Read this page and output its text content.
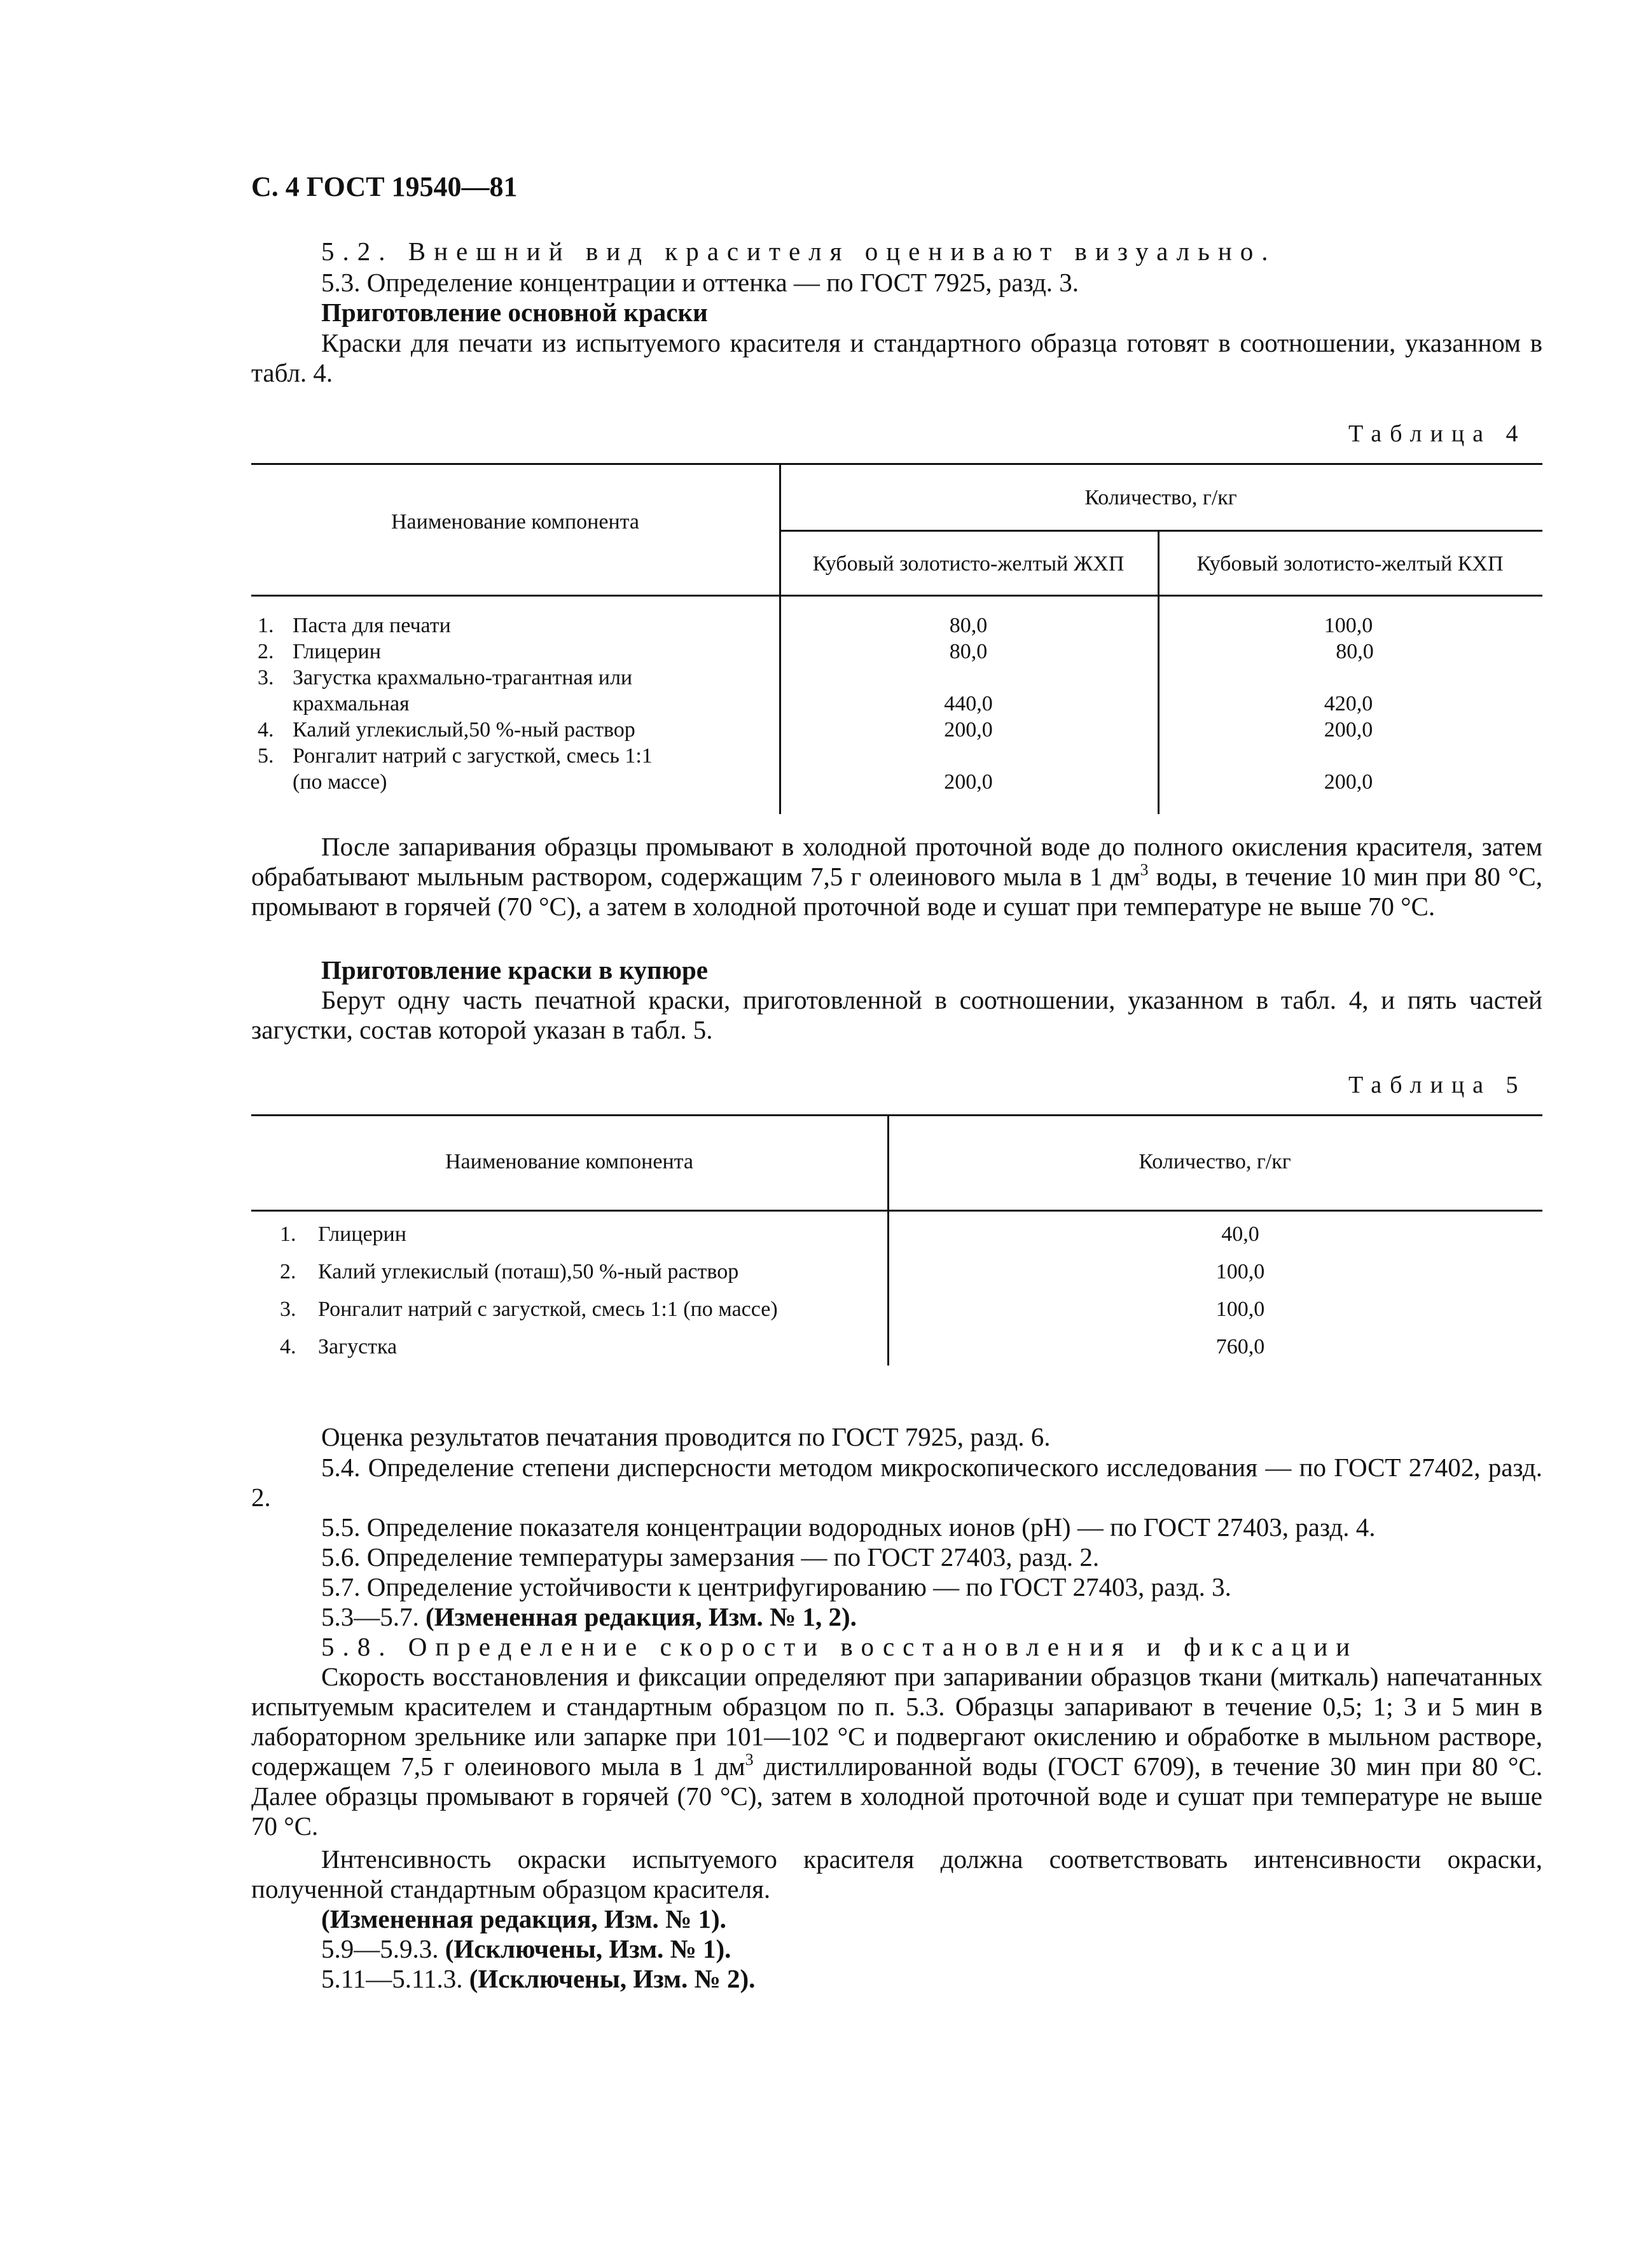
С. 4 ГОСТ 19540—81

5.2. Внешний вид красителя оценивают визуально.

5.3. Определение концентрации и оттенка — по ГОСТ 7925, разд. 3.

Приготовление основной краски

Краски для печати из испытуемого красителя и стандартного образца готовят в соотношении, указанном в табл. 4.

Таблица 4
Наименование компонента
Количество, г/кг
Кубовый золотисто-желтый ЖХП	Кубовый золотисто-желтый КХП
1. Паста для печати	80,0	100,0
2. Глицерин	80,0	80,0
3. Загустка крахмально-трагантная или
крахмальная	440,0	420,0
4. Калий углекислый,50 %-ный раствор	200,0	200,0
5. Ронгалит натрий с загусткой, смесь 1:1
(по массе)	200,0	200,0

После запаривания образцы промывают в холодной проточной воде до полного окисления красителя, затем обрабатывают мыльным раствором, содержащим 7,5 г олеинового мыла в 1 $дм^3$ воды, в течение 10 мин при 80 °С, промывают в горячей (70 °С), а затем в холодной проточной воде и сушат при температуре не выше 70 °С.

Приготовление краски в купюре

Берут одну часть печатной краски, приготовленной в соотношении, указанном в табл. 4, и пять частей загустки, состав которой указан в табл. 5.

Таблица 5
Наименование компонента	Количество, г/кг
1. Глицерин	40,0
2. Калий углекислый (поташ),50 %-ный раствор	100,0
3. Ронгалит натрий с загусткой, смесь 1:1 (по массе)	100,0
4. Загустка	760,0

Оценка результатов печатания проводится по ГОСТ 7925, разд. 6.

5.4. Определение степени дисперсности методом микроскопического исследования — по ГОСТ 27402, разд. 2.

5.5. Определение показателя концентрации водородных ионов (pH) — по ГОСТ 27403, разд. 4.

5.6. Определение температуры замерзания — по ГОСТ 27403, разд. 2.

5.7. Определение устойчивости к центрифугированию — по ГОСТ 27403, разд. 3.

5.3—5.7. (Измененная редакция, Изм. № 1, 2).

5.8. Определение скорости восстановления и фиксации

Скорость восстановления и фиксации определяют при запаривании образцов ткани (миткаль) напечатанных испытуемым красителем и стандартным образцом по п. 5.3. Образцы запаривают в течение 0,5; 1; 3 и 5 мин в лабораторном зрельнике или запарке при 101—102 °С и подвергают окислению и обработке в мыльном растворе, содержащем 7,5 г олеинового мыла в 1 $дм^3$ дистиллированной воды (ГОСТ 6709), в течение 30 мин при 80 °С. Далее образцы промывают в горячей (70 °С), затем в холодной проточной воде и сушат при температуре не выше 70 °С.

Интенсивность окраски испытуемого красителя должна соответствовать интенсивности окраски, полученной стандартным образцом красителя.

(Измененная редакция, Изм. № 1).

5.9—5.9.3. (Исключены, Изм. № 1).

5.11—5.11.3. (Исключены, Изм. № 2).
